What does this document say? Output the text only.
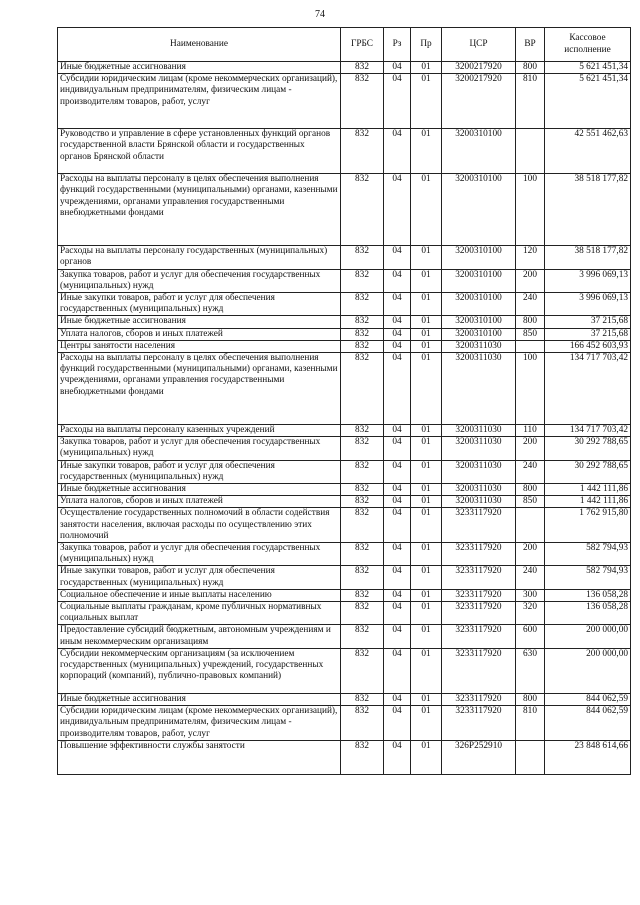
74
Наименование	ГРБС	Рз	Пр	ЦСР	ВР	Кассовое исполнение
Иные бюджетные ассигнования	832	04	01	3200217920	800	5 621 451,34
Субсидии юридическим лицам (кроме некоммерческих организаций), индивидуальным предпринимателям, физическим лицам - производителям товаров, работ, услуг	832	04	01	3200217920	810	5 621 451,34
Руководство и управление в сфере установленных функций органов государственной власти Брянской области и государственных органов Брянской области	832	04	01	3200310100		42 551 462,63
Расходы на выплаты персоналу в целях обеспечения выполнения функций государственными (муниципальными) органами, казенными учреждениями, органами управления государственными внебюджетными фондами	832	04	01	3200310100	100	38 518 177,82
Расходы на выплаты персоналу государственных (муниципальных) органов	832	04	01	3200310100	120	38 518 177,82
Закупка товаров, работ и услуг для обеспечения государственных (муниципальных) нужд	832	04	01	3200310100	200	3 996 069,13
Иные закупки товаров, работ и услуг для обеспечения государственных (муниципальных) нужд	832	04	01	3200310100	240	3 996 069,13
Иные бюджетные ассигнования	832	04	01	3200310100	800	37 215,68
Уплата налогов, сборов и иных платежей	832	04	01	3200310100	850	37 215,68
Центры занятости населения	832	04	01	3200311030		166 452 603,93
Расходы на выплаты персоналу в целях обеспечения выполнения функций государственными (муниципальными) органами, казенными учреждениями, органами управления государственными внебюджетными фондами	832	04	01	3200311030	100	134 717 703,42
Расходы на выплаты персоналу казенных учреждений	832	04	01	3200311030	110	134 717 703,42
Закупка товаров, работ и услуг для обеспечения государственных (муниципальных) нужд	832	04	01	3200311030	200	30 292 788,65
Иные закупки товаров, работ и услуг для обеспечения государственных (муниципальных) нужд	832	04	01	3200311030	240	30 292 788,65
Иные бюджетные ассигнования	832	04	01	3200311030	800	1 442 111,86
Уплата налогов, сборов и иных платежей	832	04	01	3200311030	850	1 442 111,86
Осуществление государственных полномочий в области содействия занятости населения, включая расходы по осуществлению этих полномочий	832	04	01	3233117920		1 762 915,80
Закупка товаров, работ и услуг для обеспечения государственных (муниципальных) нужд	832	04	01	3233117920	200	582 794,93
Иные закупки товаров, работ и услуг для обеспечения государственных (муниципальных) нужд	832	04	01	3233117920	240	582 794,93
Социальное обеспечение и иные выплаты населению	832	04	01	3233117920	300	136 058,28
Социальные выплаты гражданам, кроме публичных нормативных социальных выплат	832	04	01	3233117920	320	136 058,28
Предоставление субсидий бюджетным, автономным учреждениям и иным некоммерческим организациям	832	04	01	3233117920	600	200 000,00
Субсидии некоммерческим организациям (за исключением государственных (муниципальных) учреждений, государственных корпораций (компаний), публично-правовых компаний)	832	04	01	3233117920	630	200 000,00
Иные бюджетные ассигнования	832	04	01	3233117920	800	844 062,59
Субсидии юридическим лицам (кроме некоммерческих организаций), индивидуальным предпринимателям, физическим лицам - производителям товаров, работ, услуг	832	04	01	3233117920	810	844 062,59
Повышение эффективности службы занятости	832	04	01	326P252910		23 848 614,66
